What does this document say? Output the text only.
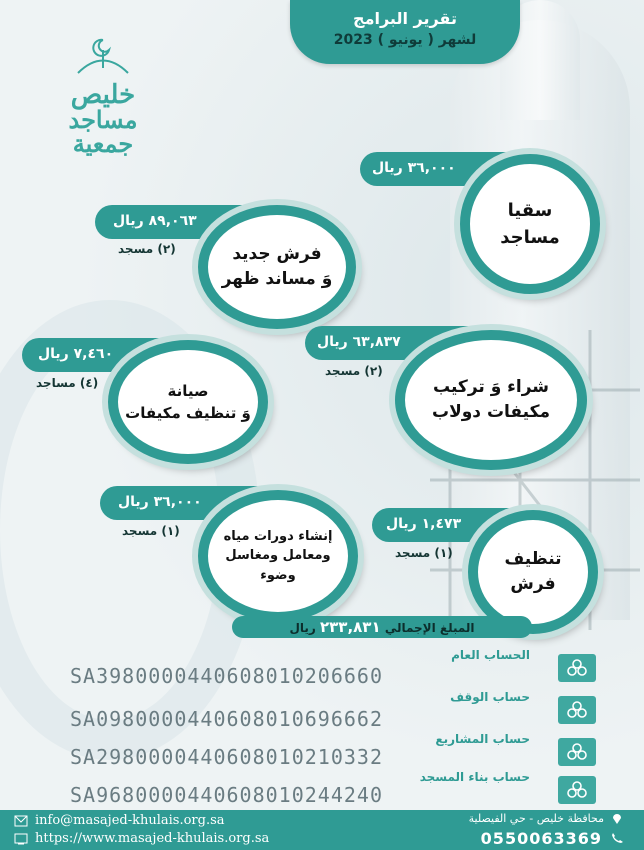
تقرير البرامج
لشهر ( يونيو ) 2023
خليص
مساجد
جمعية
٣٦,٠٠٠ ريال
سقيا
مساجد
٨٩,٠٦٣ ريال
(٢) مسجد	فرش جديد
وَ مساند ظهر
٦٣,٨٣٧ ريال
(٢) مسجد
شراء وَ تركيب
مكيفات دولاب
٧,٤٦٠ ريال
(٤) مساجد	صيانة
وَ تنظيف مكيفات
١,٤٧٣ ريال
(١) مسجد	تنظيف
فرش
٣٦,٠٠٠ ريال
(١) مسجد	إنشاء دورات مياه
ومعامل ومغاسل
وضوء
المبلغ الإجمالي ٢٣٣,٨٣١ ريال
الحساب العام
SA3980000440608010206660
حساب الوقف
SA0980000440608010696662
حساب المشاريع
SA2980000440608010210332
حساب بناء المسجد
SA9680000440608010244240
info@masajed-khulais.org.sa
https://www.masajed-khulais.org.sa
محافظة خليص - حي الفيصلية
0550063369
